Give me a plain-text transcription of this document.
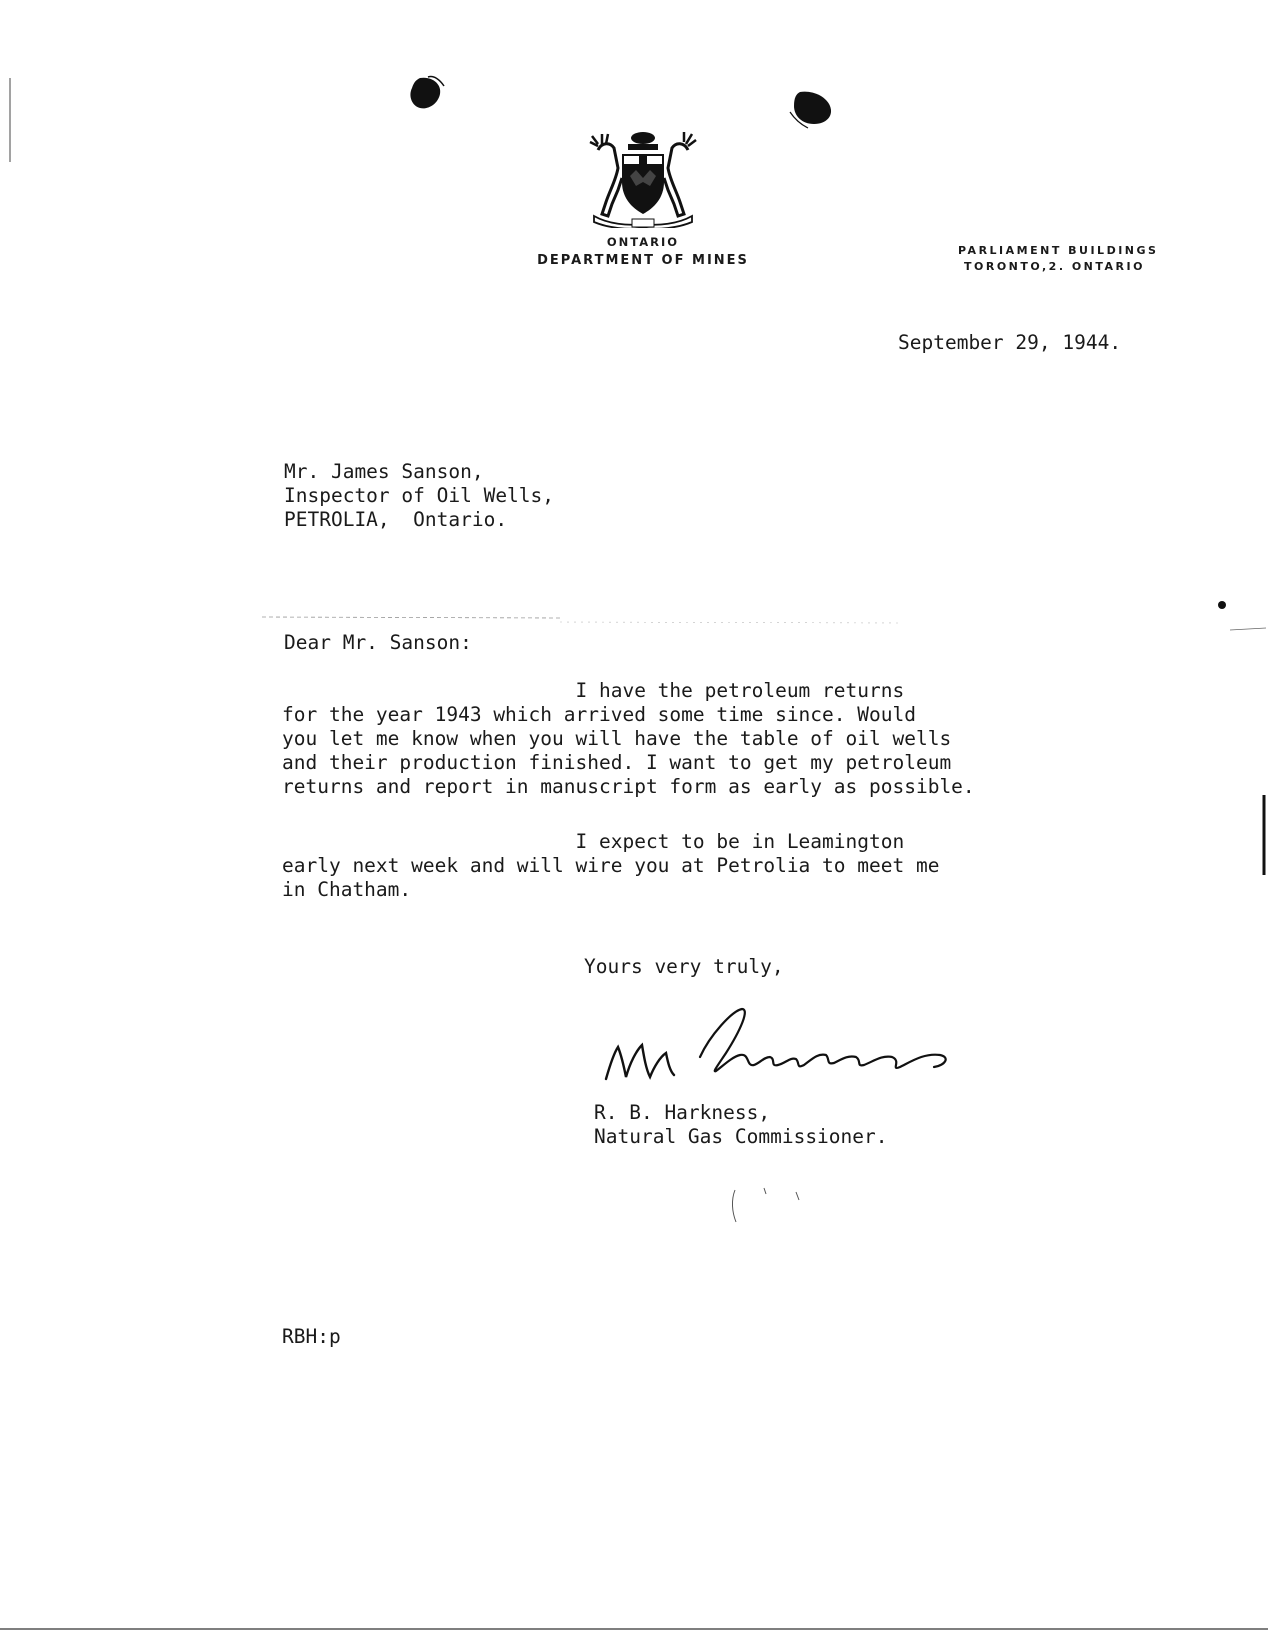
ONTARIO
DEPARTMENT OF MINES
PARLIAMENT BUILDINGS
TORONTO,2. ONTARIO
September 29, 1944.
Mr. James Sanson,
Inspector of Oil Wells,
PETROLIA,  Ontario.
Dear Mr. Sanson:
I have the petroleum returns
for the year 1943 which arrived some time since. Would
you let me know when you will have the table of oil wells
and their production finished. I want to get my petroleum
returns and report in manuscript form as early as possible.
I expect to be in Leamington
early next week and will wire you at Petrolia to meet me
in Chatham.
Yours very truly,
R. B. Harkness,
Natural Gas Commissioner.
RBH:p
